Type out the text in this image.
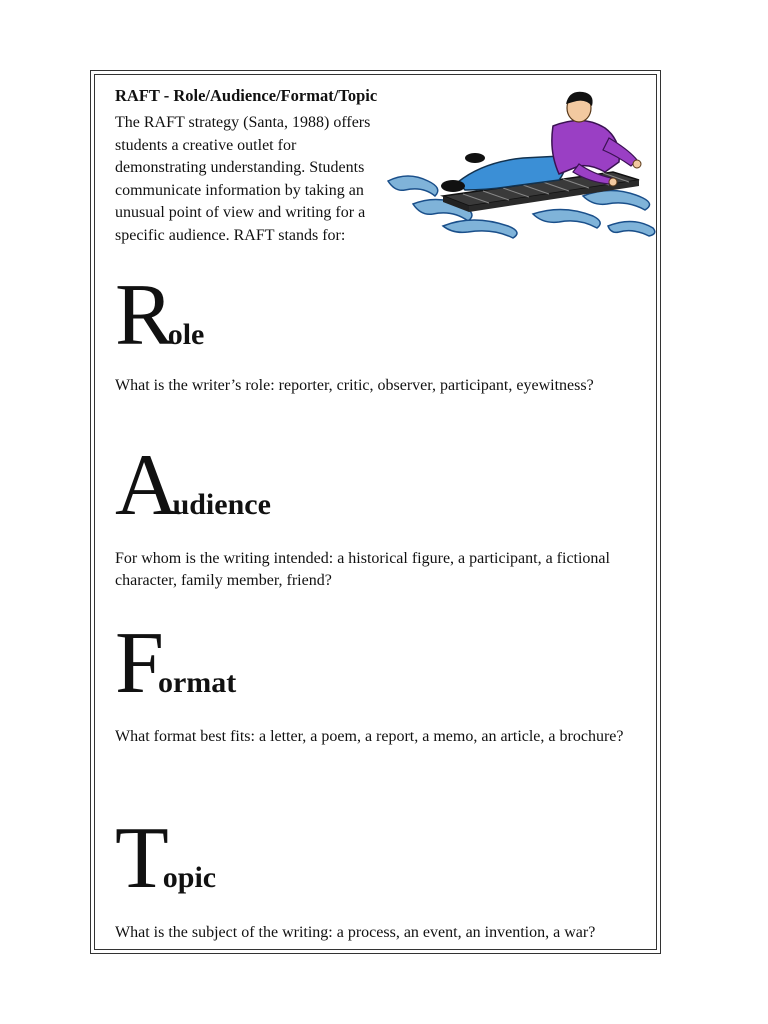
RAFT - Role/Audience/Format/Topic
The RAFT strategy (Santa, 1988) offers students a creative outlet for demonstrating understanding. Students communicate information by taking an unusual point of view and writing for a specific audience. RAFT stands for:
Role
What is the writer’s role: reporter, critic, observer, participant, eyewitness?
Audience
For whom is the writing intended: a historical figure, a participant, a fictional character, family member, friend?
Format
What format best fits: a letter, a poem, a report, a memo, an article, a brochure?
Topic
What is the subject of the writing: a process, an event, an invention, a war?
